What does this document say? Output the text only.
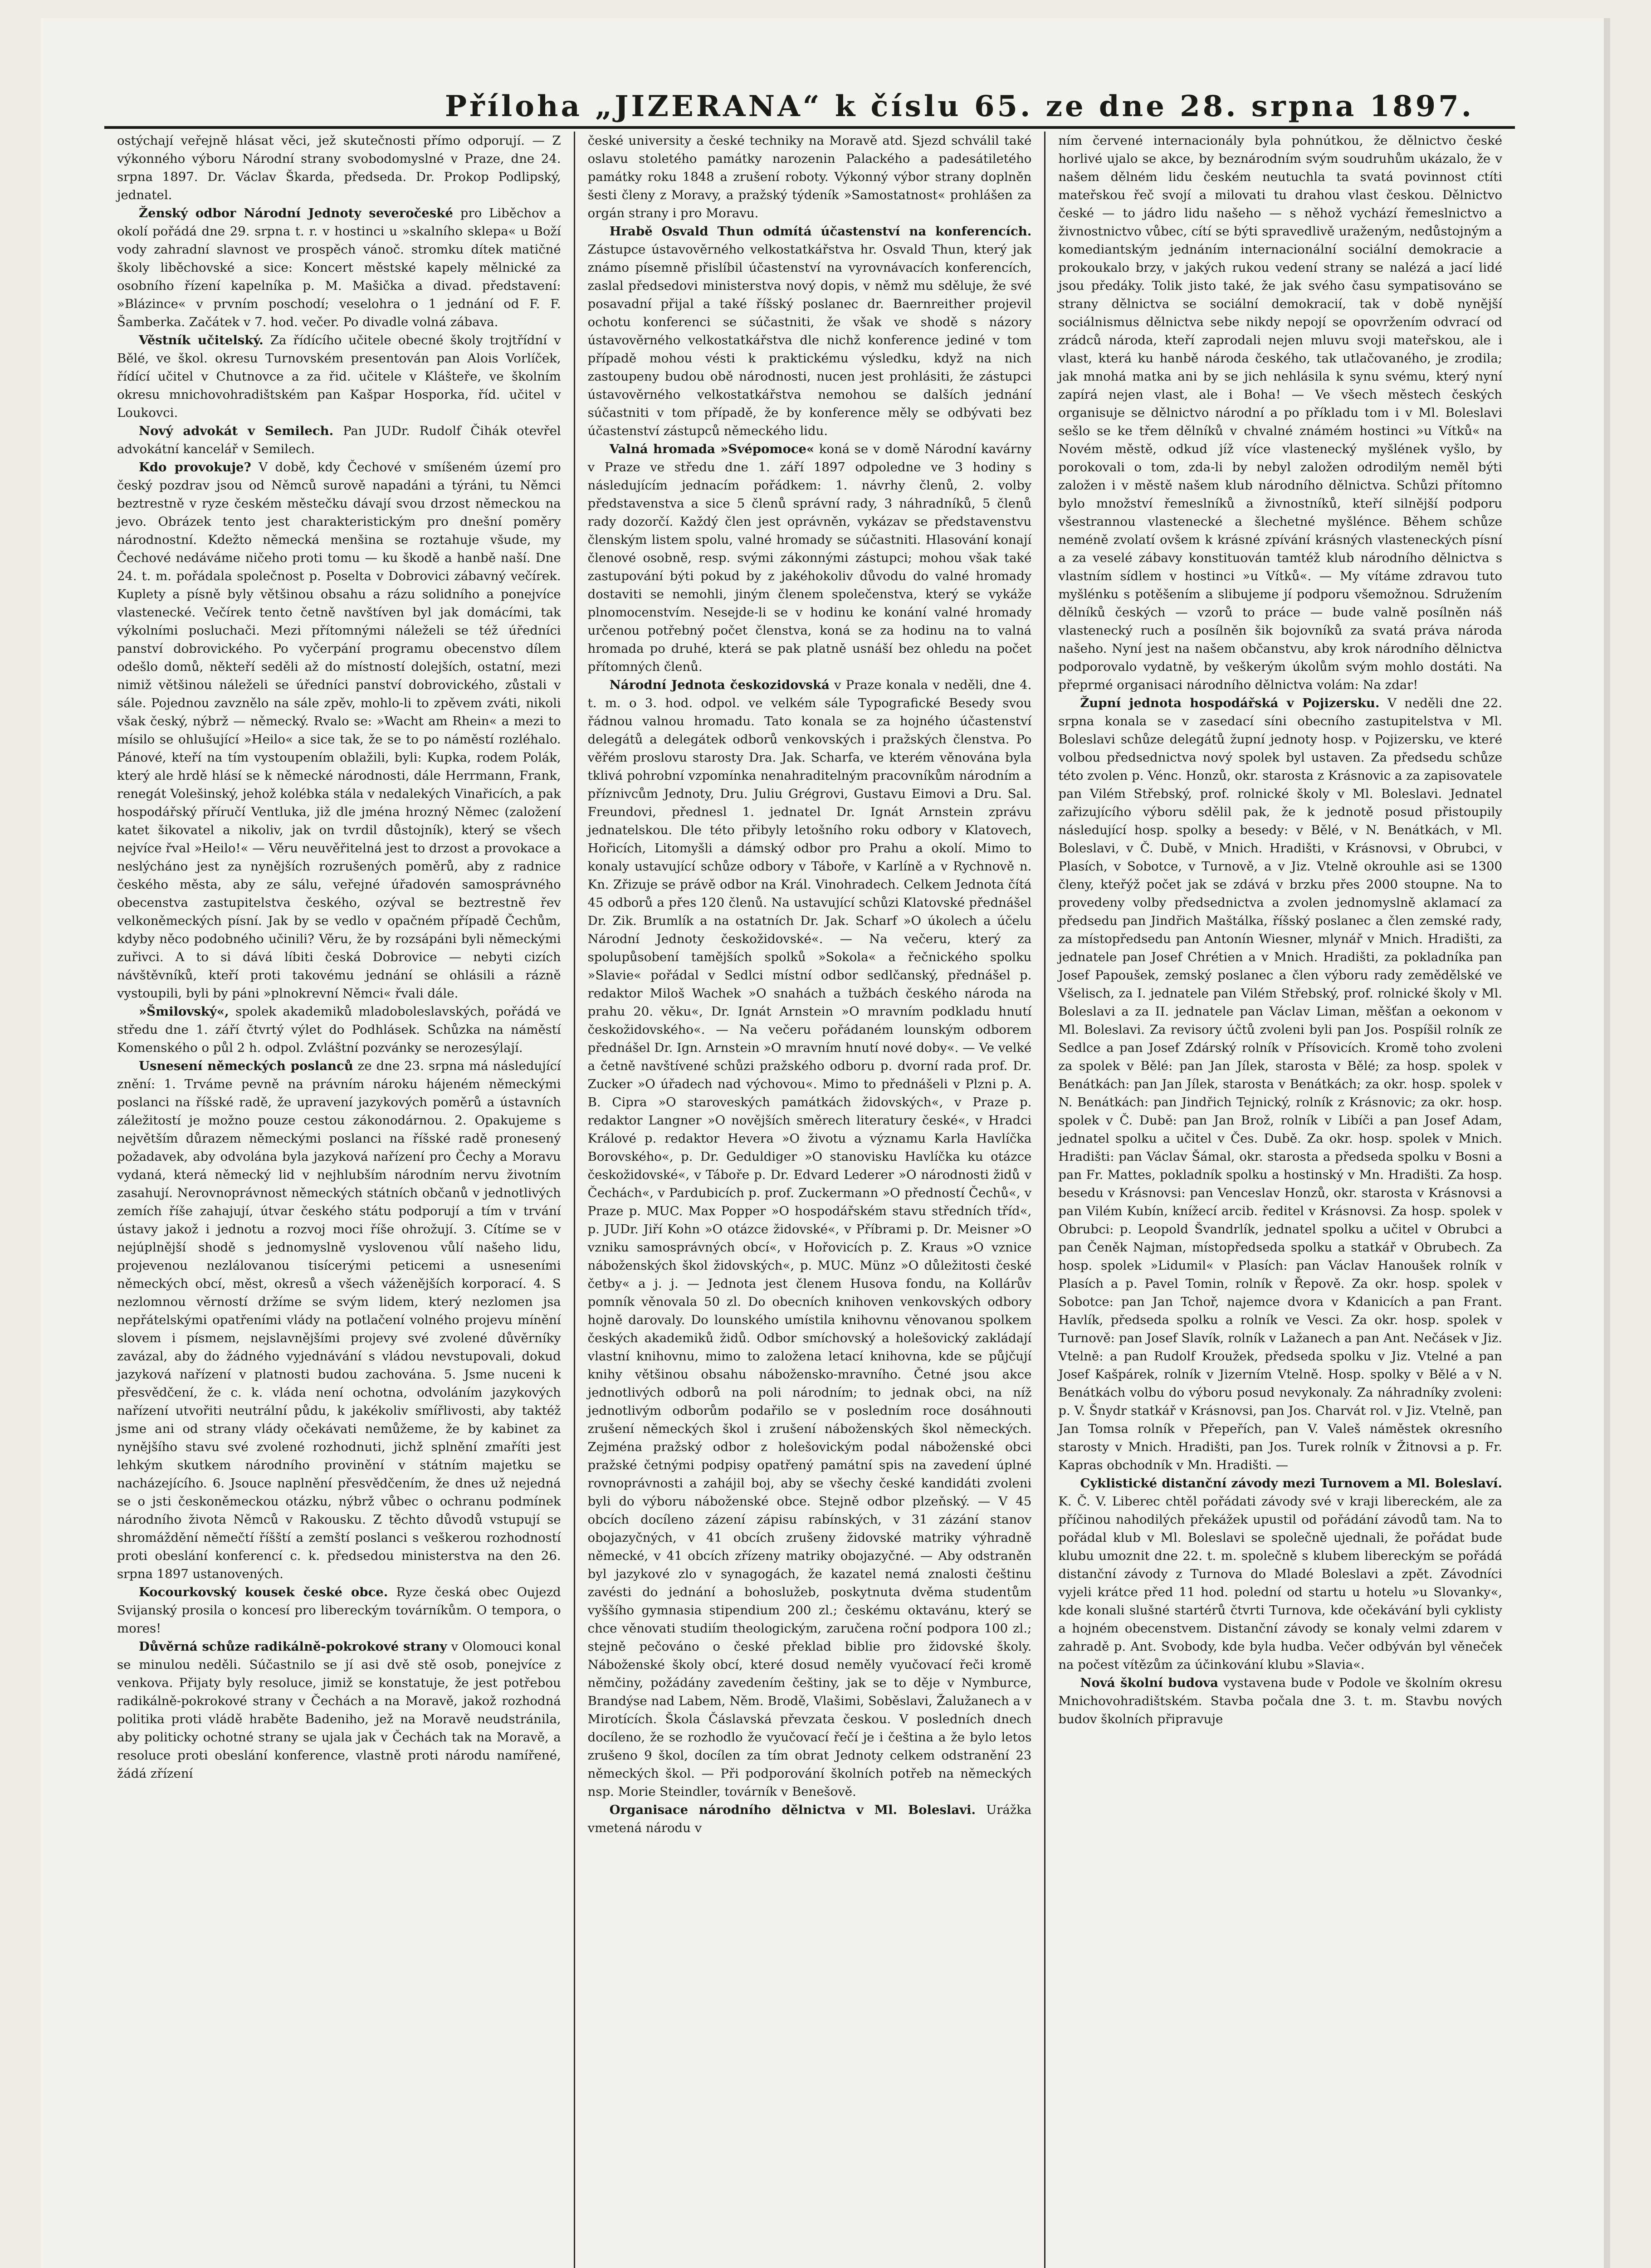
Příloha „JIZERANA“ k číslu 65. ze dne 28. srpna 1897.

ostýchají veřejně hlásat věci, jež skutečnosti přímo odporují. — Z výkonného výboru Národní strany svobodomyslné v Praze, dne 24. srpna 1897. Dr. Václav Škarda, předseda. Dr. Prokop Podlipský, jednatel.

Ženský odbor Národní Jednoty severočeské pro Liběchov a okolí pořádá dne 29. srpna t. r. v hostinci u »skalního sklepa« u Boží vody zahradní slavnost ve prospěch vánoč. stromku dítek matičné školy liběchovské a sice: Koncert městské kapely mělnické za osobního řízení kapelníka p. M. Mašička a divad. představení: »Blázince« v prvním poschodí; veselohra o 1 jednání od F. F. Šamberka. Začátek v 7. hod. večer. Po divadle volná zábava.

Věstník učitelský. Za řídícího učitele obecné školy trojtřídní v Bělé, ve škol. okresu Turnovském presentován pan Alois Vorlíček, řídící učitel v Chutnovce a za řid. učitele v Klášteře, ve školním okresu mnichovohradištském pan Kašpar Hosporka, říd. učitel v Loukovci.

Nový advokát v Semilech. Pan JUDr. Rudolf Čihák otevřel advokátní kancelář v Semilech.

Kdo provokuje? V době, kdy Čechové v smíšeném území pro český pozdrav jsou od Němců surově napadáni a týráni, tu Němci beztrestně v ryze českém městečku dávají svou drzost německou na jevo. Obrázek tento jest charakteristickým pro dnešní poměry národnostní. Kdežto německá menšina se roztahuje všude, my Čechové nedáváme ničeho proti tomu — ku škodě a hanbě naší. Dne 24. t. m. pořádala společnost p. Poselta v Dobrovici zábavný večírek. Kuplety a písně byly většinou obsahu a rázu solidního a ponejvíce vlastenecké. Večírek tento četně navštíven byl jak domácími, tak výkolními posluchači. Mezi přítomnými náleželi se též úředníci panství dobrovického. Po vyčerpání programu obecenstvo dílem odešlo domů, někteří seděli až do místností dolejších, ostatní, mezi nimiž většinou náleželi se úředníci panství dobrovického, zůstali v sále. Pojednou zavznělo na sále zpěv, mohlo-li to zpěvem zváti, nikoli však český, nýbrž — německý. Rvalo se: »Wacht am Rhein« a mezi to mísilo se ohlušující »Heilo« a sice tak, že se to po náměstí rozléhalo. Pánové, kteří na tím vystoupením oblažili, byli: Kupka, rodem Polák, který ale hrdě hlásí se k německé národnosti, dále Herrmann, Frank, renegát Volešinský, jehož kolébka stála v nedalekých Vinařicích, a pak hospodářský příručí Ventluka, již dle jména hrozný Němec (založení katet šikovatel a nikoliv, jak on tvrdil důstojník), který se všech nejvíce řval »Heilo!« — Věru neuvěřitelná jest to drzost a provokace a neslýcháno jest za nynějších rozrušených poměrů, aby z radnice českého města, aby ze sálu, veřejné úřadovén samosprávného obecenstva zastupitelstva českého, ozýval se beztrestně řev velkoněmeckých písní. Jak by se vedlo v opačném případě Čechům, kdyby něco podobného učinili? Věru, že by rozsápáni byli německými zuřivci. A to si dává líbiti česká Dobrovice — nebyti cizích návštěvníků, kteří proti takovému jednání se ohlásili a rázně vystoupili, byli by páni »plnokrevní Němci« řvali dále.

»Šmilovský«, spolek akademiků mladoboleslavských, pořádá ve středu dne 1. září čtvrtý výlet do Podhlásek. Schůzka na náměstí Komenského o půl 2 h. odpol. Zvláštní pozvánky se nerozesýlají.

Usnesení německých poslanců ze dne 23. srpna má následující znění: 1. Trváme pevně na právním nároku hájeném německými poslanci na říšské radě, že upravení jazykových poměrů a ústavních záležitostí je možno pouze cestou zákonodárnou. 2. Opakujeme s největším důrazem německými poslanci na říšské radě pronesený požadavek, aby odvolána byla jazyková nařízení pro Čechy a Moravu vydaná, která německý lid v nejhlubším národním nervu životním zasahují. Nerovnoprávnost německých státních občanů v jednotlivých zemích říše zahajují, útvar českého státu podporují a tím v trvání ústavy jakož i jednotu a rozvoj moci říše ohrožují. 3. Cítíme se v nejúplnější shodě s jednomyslně vyslovenou vůlí našeho lidu, projevenou nezlálovanou tisícerými peticemi a usneseními německých obcí, měst, okresů a všech váženějších korporací. 4. S nezlomnou věrností držíme se svým lidem, který nezlomen jsa nepřátelskými opatřeními vlády na potlačení volného projevu mínění slovem i písmem, nejslavnějšími projevy své zvolené důvěrníky zavázal, aby do žádného vyjednávání s vládou nevstupovali, dokud jazyková nařízení v platnosti budou zachována. 5. Jsme nuceni k přesvědčení, že c. k. vláda není ochotna, odvoláním jazykových nařízení utvořiti neutrální půdu, k jakékoliv smířlivosti, aby taktéž jsme ani od strany vlády očekávati nemůžeme, že by kabinet za nynějšího stavu své zvolené rozhodnuti, jichž splnění zmaříti jest lehkým skutkem národního provinění v státním majetku se nacházejícího. 6. Jsouce naplnění přesvědčením, že dnes už nejedná se o jsti českoněmeckou otázku, nýbrž vůbec o ochranu podmínek národního života Němců v Rakousku. Z těchto důvodů vstupují se shromáždění němečtí říšští a zemští poslanci s veškerou rozhodností proti obeslání konferencí c. k. předsedou ministerstva na den 26. srpna 1897 ustanovených.

Kocourkovský kousek české obce. Ryze česká obec Oujezd Svijanský prosila o koncesí pro libereckým továrníkům. O tempora, o mores!

Důvěrná schůze radikálně-pokrokové strany v Olomouci konal se minulou neděli. Súčastnilo se jí asi dvě stě osob, ponejvíce z venkova. Přijaty byly resoluce, jimiž se konstatuje, že jest potřebou radikálně-pokrokové strany v Čechách a na Moravě, jakož rozhodná politika proti vládě hraběte Badeniho, jež na Moravě neudstránila, aby politicky ochotné strany se ujala jak v Čechách tak na Moravě, a resoluce proti obeslání konference, vlastně proti národu namířené, žádá zřízení

české university a české techniky na Moravě atd. Sjezd schválil také oslavu stoletého památky narozenin Palackého a padesátiletého památky roku 1848 a zrušení roboty. Výkonný výbor strany doplněn šesti členy z Moravy, a pražský týdeník »Samostatnost« prohlášen za orgán strany i pro Moravu.

Hrabě Osvald Thun odmítá účastenství na konferencích. Zástupce ústavověrného velkostatkářstva hr. Osvald Thun, který jak známo písemně přislíbil účastenství na vyrovnávacích konferencích, zaslal předsedovi ministerstva nový dopis, v němž mu sděluje, že své posavadní přijal a také říšský poslanec dr. Baernreither projevil ochotu konferenci se súčastniti, že však ve shodě s názory ústavověrného velkostatkářstva dle nichž konference jediné v tom případě mohou vésti k praktickému výsledku, když na nich zastoupeny budou obě národnosti, nucen jest prohlásiti, že zástupci ústavověrného velkostatkářstva nemohou se dalších jednání súčastniti v tom případě, že by konference měly se odbývati bez účastenství zástupců německého lidu.

Valná hromada »Svépomoce« koná se v domě Národní kavárny v Praze ve středu dne 1. září 1897 odpoledne ve 3 hodiny s následujícím jednacím pořádkem: 1. návrhy členů, 2. volby představenstva a sice 5 členů správní rady, 3 náhradníků, 5 členů rady dozorčí. Každý člen jest oprávněn, vykázav se představenstvu členským listem spolu, valné hromady se súčastniti. Hlasování konají členové osobně, resp. svými zákonnými zástupci; mohou však také zastupování býti pokud by z jakéhokoliv důvodu do valné hromady dostaviti se nemohli, jiným členem společenstva, který se vykáže plnomocenstvím. Nesejde-li se v hodinu ke konání valné hromady určenou potřebný počet členstva, koná se za hodinu na to valná hromada po druhé, která se pak platně usnáší bez ohledu na počet přítomných členů.

Národní Jednota českozidovská v Praze konala v neděli, dne 4. t. m. o 3. hod. odpol. ve velkém sále Typografické Besedy svou řádnou valnou hromadu. Tato konala se za hojného účastenství delegátů a delegátek odborů venkovských i pražských členstva. Po věřém proslovu starosty Dra. Jak. Scharfa, ve kterém věnována byla tklivá pohrobní vzpomínka nenahraditelným pracovníkům národním a příznivcům Jednoty, Dru. Juliu Grégrovi, Gustavu Eimovi a Dru. Sal. Freundovi, přednesl 1. jednatel Dr. Ignát Arnstein zprávu jednatelskou. Dle této přibyly letošního roku odbory v Klatovech, Hořicích, Litomyšli a dámský odbor pro Prahu a okolí. Mimo to konaly ustavující schůze odbory v Táboře, v Karlíně a v Rychnově n. Kn. Zřizuje se právě odbor na Král. Vinohradech. Celkem Jednota čítá 45 odborů a přes 120 členů. Na ustavující schůzi Klatovské přednášel Dr. Zik. Brumlík a na ostatních Dr. Jak. Scharf »O úkolech a účelu Národní Jednoty českožidovské«. — Na večeru, který za spolupůsobení tamějších spolků »Sokola« a řečnického spolku »Slavie« pořádal v Sedlci místní odbor sedlčanský, přednášel p. redaktor Miloš Wachek »O snahách a tužbách českého národa na prahu 20. věku«, Dr. Ignát Arnstein »O mravním podkladu hnutí českožidovského«. — Na večeru pořádaném lounským odborem přednášel Dr. Ign. Arnstein »O mravním hnutí nové doby«. — Ve velké a četně navštívené schůzi pražského odboru p. dvorní rada prof. Dr. Zucker »O úřadech nad výchovou«. Mimo to přednášeli v Plzni p. A. B. Cipra »O staroveských památkách židovských«, v Praze p. redaktor Langner »O novějších směrech literatury české«, v Hradci Králové p. redaktor Hevera »O životu a významu Karla Havlíčka Borovského«, p. Dr. Geduldiger »O stanovisku Havlíčka ku otázce českožidovské«, v Táboře p. Dr. Edvard Lederer »O národnosti židů v Čechách«, v Pardubicích p. prof. Zuckermann »O předností Čechů«, v Praze p. MUC. Max Popper »O hospodářském stavu středních tříd«, p. JUDr. Jiří Kohn »O otázce židovské«, v Příbrami p. Dr. Meisner »O vzniku samosprávných obcí«, v Hořovicích p. Z. Kraus »O vznice náboženských škol židovských«, p. MUC. Münz »O důležitosti české četby« a j. j. — Jednota jest členem Husova fondu, na Kollárův pomník věnovala 50 zl. Do obecních knihoven venkovských odbory hojně darovaly. Do lounského umístila knihovnu věnovanou spolkem českých akademiků židů. Odbor smíchovský a holešovický zakládají vlastní knihovnu, mimo to založena letací knihovna, kde se půjčují knihy většinou obsahu nábožensko-mravního. Četné jsou akce jednotlivých odborů na poli národním; to jednak obci, na níž jednotlivým odborům podařilo se v posledním roce dosáhnouti zrušení německých škol i zrušení náboženských škol německých. Zejména pražský odbor z holešovickým podal náboženské obci pražské četnými podpisy opatřený památní spis na zavedení úplné rovnoprávnosti a zahájil boj, aby se všechy české kandidáti zvoleni byli do výboru náboženské obce. Stejně odbor plzeňský. — V 45 obcích docíleno zázení zápisu rabínských, v 31 zázání stanov obojazyčných, v 41 obcích zrušeny židovské matriky výhradně německé, v 41 obcích zřízeny matriky obojazyčné. — Aby odstraněn byl jazykové zlo v synagogách, že kazatel nemá znalosti češtinu zavésti do jednání a bohoslužeb, poskytnuta dvěma studentům vyššího gymnasia stipendium 200 zl.; českému oktavánu, který se chce věnovati studiím theologickým, zaručena roční podpora 100 zl.; stejně pečováno o české překlad biblie pro židovské školy. Náboženské školy obcí, které dosud neměly vyučovací řeči kromě němčiny, požádány zavedením češtiny, jak se to děje v Nymburce, Brandýse nad Labem, Něm. Brodě, Vlašimi, Soběslavi, Žalužanech a v Mirotících. Škola Čáslavská převzata českou. V posledních dnech docíleno, že se rozhodlo že vyučovací řečí je i čeština a že bylo letos zrušeno 9 škol, docílen za tím obrat Jednoty celkem odstranění 23 německých škol. — Při podporování školních potřeb na německých nsp. Morie Steindler, továrník v Benešově.

Organisace národního dělnictva v Ml. Boleslavi. Urážka vmetená národu v

ním červené internacionály byla pohnútkou, že dělnictvo české horlivé ujalo se akce, by beznárodním svým soudruhům ukázalo, že v našem dělném lidu českém neutuchla ta svatá povinnost ctíti mateřskou řeč svojí a milovati tu drahou vlast českou. Dělnictvo české — to jádro lidu našeho — s něhož vychází řemeslnictvo a živnostnictvo vůbec, cítí se býti spravedlivě uraženým, nedůstojným a komediantským jednáním internacionální sociální demokracie a prokoukalo brzy, v jakých rukou vedení strany se nalézá a jací lidé jsou předáky. Tolik jisto také, že jak svého času sympatisováno se strany dělnictva se sociální demokracií, tak v době nynější sociálnismus dělnictva sebe nikdy nepojí se opovržením odvrací od zrádců národa, kteří zaprodali nejen mluvu svoji mateřskou, ale i vlast, která ku hanbě národa českého, tak utlačovaného, je zrodila; jak mnohá matka ani by se jich nehlásila k synu svému, který nyní zapírá nejen vlast, ale i Boha! — Ve všech městech českých organisuje se dělnictvo národní a po příkladu tom i v Ml. Boleslavi sešlo se ke třem dělníků v chvalné známém hostinci »u Vítků« na Novém městě, odkud jíž více vlastenecký myšlének vyšlo, by porokovali o tom, zda-li by nebyl založen odrodilým neměl býti založen i v městě našem klub národního dělnictva. Schůzi přítomno bylo množství řemeslníků a živnostníků, kteří silnější podporu všestrannou vlastenecké a šlechetné myšlénce. Během schůze neméně zvolatí ovšem k krásné zpívání krásných vlasteneckých písní a za veselé zábavy konstituován tamtéž klub národního dělnictva s vlastním sídlem v hostinci »u Vítků«. — My vítáme zdravou tuto myšlénku s potěšením a slibujeme jí podporu všemožnou. Sdružením dělníků českých — vzorů to práce — bude valně posílněn náš vlastenecký ruch a posílněn šik bojovníků za svatá práva národa našeho. Nyní jest na našem občanstvu, aby krok národního dělnictva podporovalo vydatně, by veškerým úkolům svým mohlo dostáti. Na přeprmé organisaci národního dělnictva volám: Na zdar!

Župní jednota hospodářská v Pojizersku. V neděli dne 22. srpna konala se v zasedací síni obecního zastupitelstva v Ml. Boleslavi schůze delegátů župní jednoty hosp. v Pojizersku, ve které volbou předsednictva nový spolek byl ustaven. Za předsedu schůze této zvolen p. Vénc. Honzů, okr. starosta z Krásnovic a za zapisovatele pan Vilém Střebský, prof. rolnické školy v Ml. Boleslavi. Jednatel zařizujícího výboru sdělil pak, že k jednotě posud přistoupily následující hosp. spolky a besedy: v Bělé, v N. Benátkách, v Ml. Boleslavi, v Č. Dubě, v Mnich. Hradišti, v Krásnovsi, v Obrubci, v Plasích, v Sobotce, v Turnově, a v Jiz. Vtelně okrouhle asi se 1300 členy, kteřýž počet jak se zdává v brzku přes 2000 stoupne. Na to provedeny volby předsednictva a zvolen jednomyslně aklamací za předsedu pan Jindřich Maštálka, říšský poslanec a člen zemské rady, za místopředsedu pan Antonín Wiesner, mlynář v Mnich. Hradišti, za jednatele pan Josef Chrétien a v Mnich. Hradišti, za pokladníka pan Josef Papoušek, zemský poslanec a člen výboru rady zemědělské ve Všelisch, za I. jednatele pan Vilém Střebský, prof. rolnické školy v Ml. Boleslavi a za II. jednatele pan Václav Liman, měšťan a oekonom v Ml. Boleslavi. Za revisory účtů zvoleni byli pan Jos. Pospíšil rolník ze Sedlce a pan Josef Zdárský rolník v Přísovicích. Kromě toho zvoleni za spolek v Bělé: pan Jan Jílek, starosta v Bělé; za hosp. spolek v Benátkách: pan Jan Jílek, starosta v Benátkách; za okr. hosp. spolek v N. Benátkách: pan Jindřich Tejnický, rolník z Krásnovic; za okr. hosp. spolek v Č. Dubě: pan Jan Brož, rolník v Libíči a pan Josef Adam, jednatel spolku a učitel v Čes. Dubě. Za okr. hosp. spolek v Mnich. Hradišti: pan Václav Šámal, okr. starosta a předseda spolku v Bosni a pan Fr. Mattes, pokladník spolku a hostinský v Mn. Hradišti. Za hosp. besedu v Krásnovsi: pan Venceslav Honzů, okr. starosta v Krásnovsi a pan Vilém Kubín, knížecí arcib. ředitel v Krásnovsi. Za hosp. spolek v Obrubci: p. Leopold Švandrlík, jednatel spolku a učitel v Obrubci a pan Čeněk Najman, místopředseda spolku a statkář v Obrubech. Za hosp. spolek »Lidumil« v Plasích: pan Václav Hanoušek rolník v Plasích a p. Pavel Tomin, rolník v Řepově. Za okr. hosp. spolek v Sobotce: pan Jan Tchoř, najemce dvora v Kdanicích a pan Frant. Havlík, předseda spolku a rolník ve Vesci. Za okr. hosp. spolek v Turnově: pan Josef Slavík, rolník v Lažanech a pan Ant. Nečásek v Jiz. Vtelně: a pan Rudolf Kroužek, předseda spolku v Jiz. Vtelné a pan Josef Kašpárek, rolník v Jizerním Vtelně. Hosp. spolky v Bělé a v N. Benátkách volbu do výboru posud nevykonaly. Za náhradníky zvoleni: p. V. Šnydr statkář v Krásnovsi, pan Jos. Charvát rol. v Jiz. Vtelně, pan Jan Tomsa rolník v Přepeřích, pan V. Valeš náměstek okresního starosty v Mnich. Hradišti, pan Jos. Turek rolník v Žitnovsi a p. Fr. Kapras obchodník v Mn. Hradišti. —

Cyklistické distanční závody mezi Turnovem a Ml. Boleslaví. K. Č. V. Liberec chtěl pořádati závody své v kraji libereckém, ale za příčinou nahodilých překážek upustil od pořádání závodů tam. Na to pořádal klub v Ml. Boleslavi se společně ujednali, že pořádat bude klubu umoznit dne 22. t. m. společně s klubem libereckým se pořádá distanční závody z Turnova do Mladé Boleslavi a zpět. Závodníci vyjeli krátce před 11 hod. polední od startu u hotelu »u Slovanky«, kde konali slušné startérů čtvrti Turnova, kde očekávání byli cyklisty a hojném obecenstvem. Distanční závody se konaly velmi zdarem v zahradě p. Ant. Svobody, kde byla hudba. Večer odbýván byl věneček na počest vítězům za účinkování klubu »Slavia«.

Nová školní budova vystavena bude v Podole ve školním okresu Mnichovohradištském. Stavba počala dne 3. t. m. Stavbu nových budov školních připravuje
